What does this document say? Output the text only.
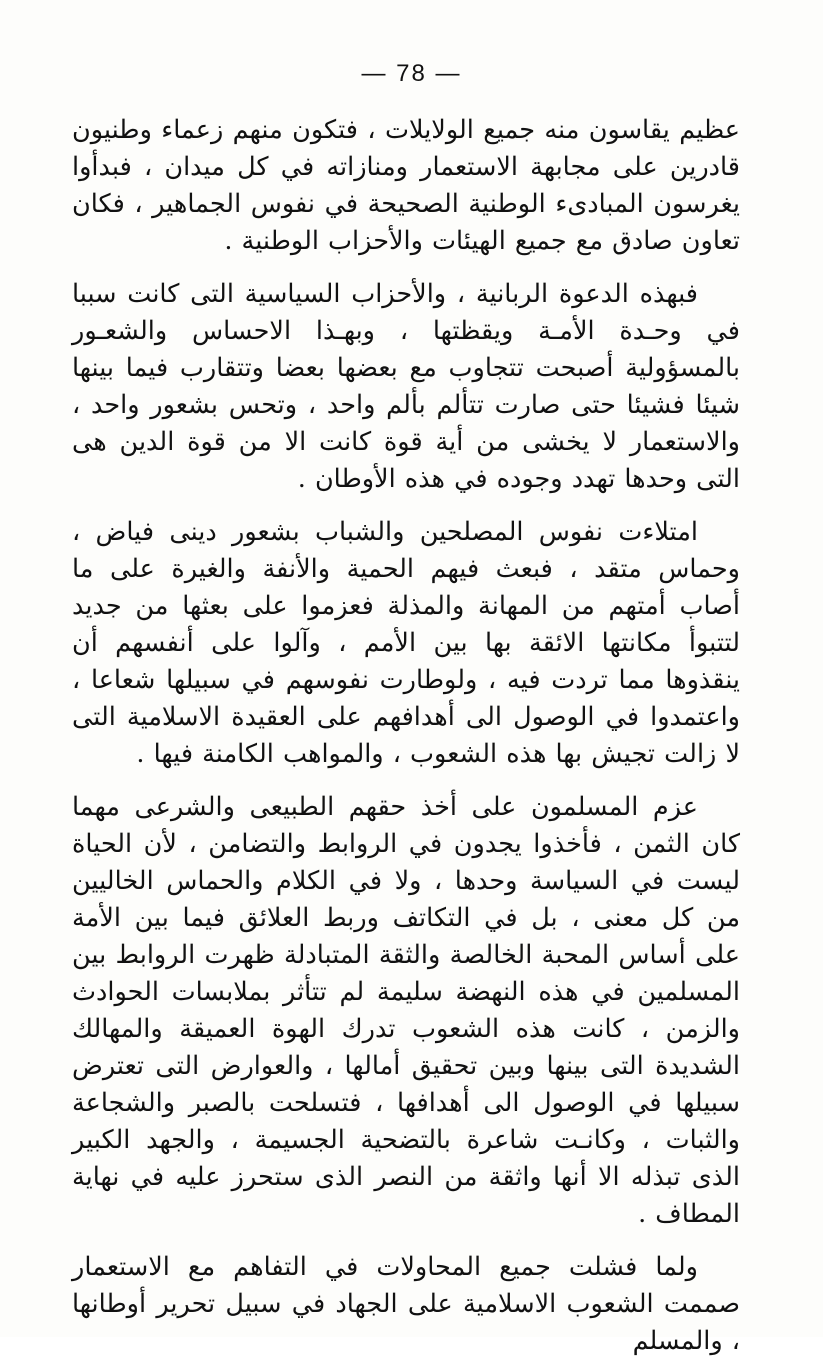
— 78 —

عظيم يقاسون منه جميع الولايلات ، فتكون منهم زعماء وطنيون قادرين على مجابهة الاستعمار ومنازاته في كل ميدان ، فبدأوا يغرسون المبادىء الوطنية الصحيحة في نفوس الجماهير ، فكان تعاون صادق مع جميع الهيئات والأحزاب الوطنية .

فبهذه الدعوة الربانية ، والأحزاب السياسية التى كانت سببا في وحـدة الأمـة ويقظتها ، وبهـذا الاحساس والشعـور بالمسؤولية أصبحت تتجاوب مع بعضها بعضا وتتقارب فيما بينها شيئا فشيئا حتى صارت تتألم بألم واحد ، وتحس بشعور واحد ، والاستعمار لا يخشى من أية قوة كانت الا من قوة الدين هى التى وحدها تهدد وجوده في هذه الأوطان .

امتلاءت نفوس المصلحين والشباب بشعور دينى فياض ، وحماس متقد ، فبعث فيهم الحمية والأنفة والغيرة على ما أصاب أمتهم من المهانة والمذلة فعزموا على بعثها من جديد لتتبوأ مكانتها الائقة بها بين الأمم ، وآلوا على أنفسهم أن ينقذوها مما تردت فيه ، ولوطارت نفوسهم في سبيلها شعاعا ، واعتمدوا في الوصول الى أهدافهم على العقيدة الاسلامية التى لا زالت تجيش بها هذه الشعوب ، والمواهب الكامنة فيها .

عزم المسلمون على أخذ حقهم الطبيعى والشرعى مهما كان الثمن ، فأخذوا يجدون في الروابط والتضامن ، لأن الحياة ليست في السياسة وحدها ، ولا في الكلام والحماس الخاليين من كل معنى ، بل في التكاتف وربط العلائق فيما بين الأمة على أساس المحبة الخالصة والثقة المتبادلة ظهرت الروابط بين المسلمين في هذه النهضة سليمة لم تتأثر بملابسات الحوادث والزمن ، كانت هذه الشعوب تدرك الهوة العميقة والمهالك الشديدة التى بينها وبين تحقيق أمالها ، والعوارض التى تعترض سبيلها في الوصول الى أهدافها ، فتسلحت بالصبر والشجاعة والثبات ، وكانـت شاعرة بالتضحية الجسيمة ، والجهد الكبير الذى تبذله الا أنها واثقة من النصر الذى ستحرز عليه في نهاية المطاف .

ولما فشلت جميع المحاولات في التفاهم مع الاستعمار صممت الشعوب الاسلامية على الجهاد في سبيل تحرير أوطانها ، والمسلم
